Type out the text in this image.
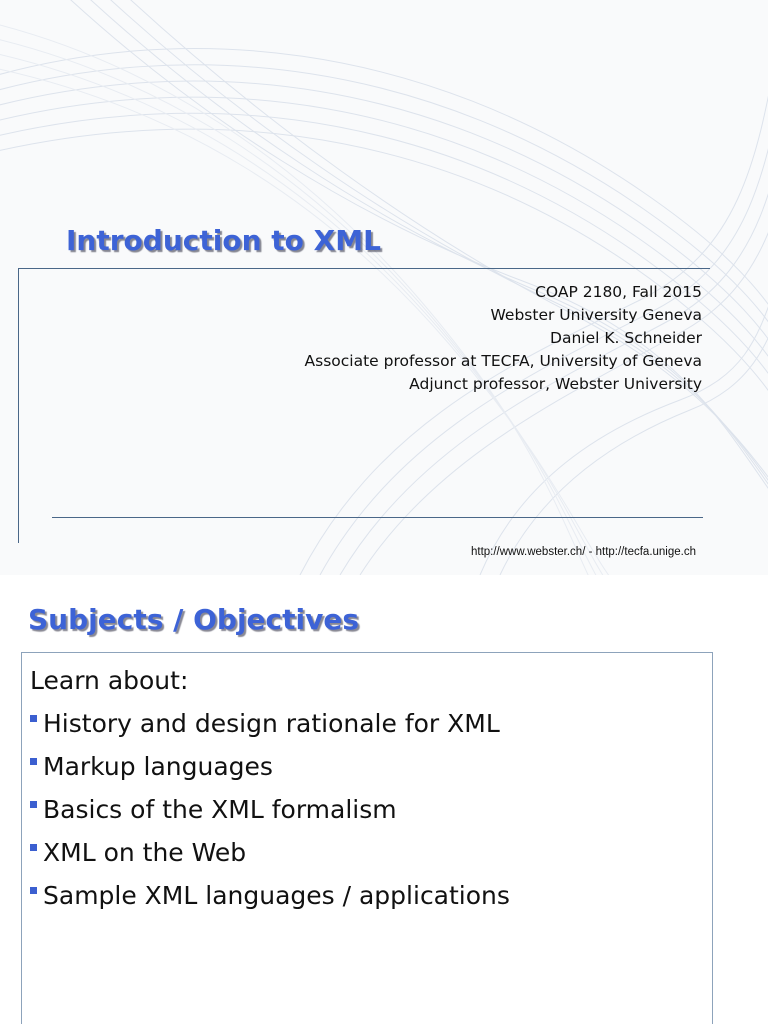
Introduction to XML
COAP 2180, Fall 2015
Webster University Geneva
Daniel K. Schneider
Associate professor at TECFA, University of Geneva
Adjunct professor, Webster University
http://www.webster.ch/ - http://tecfa.unige.ch
Subjects / Objectives
Learn about:
History and design rationale for XML
Markup languages
Basics of the XML formalism
XML on the Web
Sample XML languages / applications
